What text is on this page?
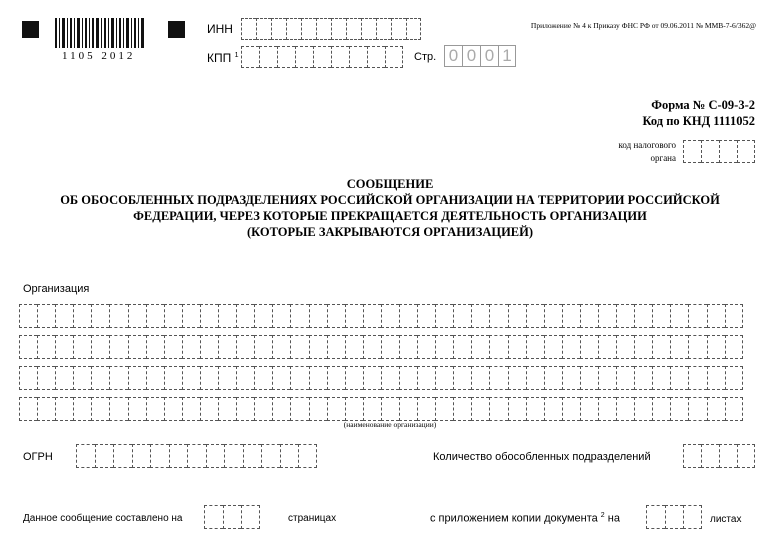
1105 2012
ИНН
КПП $^1$	Стр. 0 0 0 1
Приложение № 4 к Приказу ФНС РФ от 09.06.2011 № ММВ-7-6/362@
Форма № С-09-3-2
Код по КНД 1111052
код налогового
органа
СООБЩЕНИЕ
ОБ ОБОСОБЛЕННЫХ ПОДРАЗДЕЛЕНИЯХ РОССИЙСКОЙ ОРГАНИЗАЦИИ НА ТЕРРИТОРИИ РОССИЙСКОЙ
ФЕДЕРАЦИИ, ЧЕРЕЗ КОТОРЫЕ ПРЕКРАЩАЕТСЯ ДЕЯТЕЛЬНОСТЬ ОРГАНИЗАЦИИ
(КОТОРЫЕ ЗАКРЫВАЮТСЯ ОРГАНИЗАЦИЕЙ)
Организация
(наименование организации)
ОГРН	Количество обособленных подразделений
Данное сообщение составлено на	страницах	с приложением копии документа $^2$ на	листах
